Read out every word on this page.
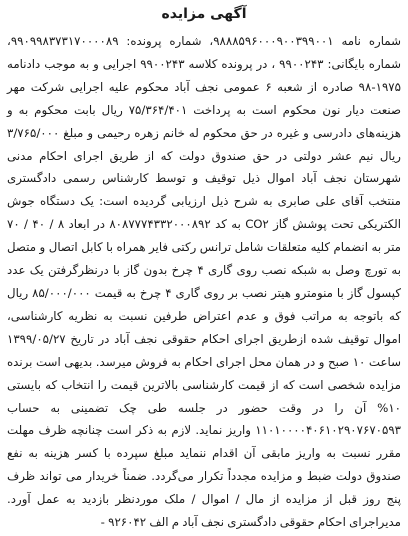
آگهی مزایده

شماره نامه ۹۸۸۸۵۹۶۰۰۰۹۰۰۳۹۹۰۰۱، شماره پرونده: ۹۹۰۹۹۸۳۷۳۱۷۰۰۰۰۸۹، شماره بایگانی: ۹۹۰۰۲۴۳ ، در پرونده کلاسه ۹۹۰۰۲۴۳ اجرایی و به موجب دادنامه ۱۹۷۵-۹۸ صادره از شعبه ۶ عمومی نجف آباد محکوم علیه اجرایی شرکت مهر صنعت دیار نون محکوم است به پرداخت ۷۵/۳۶۴/۴۰۱ ریال بابت محکوم به و هزینه‌های دادرسی و غیره در حق محکوم له خانم زهره رحیمی و مبلغ ۳/۷۶۵/۰۰۰ ریال نیم عشر دولتی در حق صندوق دولت که از طریق اجرای احکام مدنی شهرستان نجف آباد اموال ذیل توقیف و توسط کارشناس رسمی دادگستری منتخب آقای علی صابری به شرح ذیل ارزیابی گردیده است: یک دستگاه جوش الکتریکی تحت پوشش گاز CO۲ به کد ۸۰۸۷۷۷۴۳۳۲۰۰۰۸۹۲ در ابعاد ۸ / ۴۰ / ۷۰ متر به انضمام کلیه متعلقات شامل ترانس رکتی فایر همراه با کابل اتصال و متصل به تورچ وصل به شبکه نصب روی گاری ۴ چرخ بدون گاز با درنظرگرفتن یک عدد کپسول گاز با منومترو هیتر نصب بر روی گاری ۴ چرخ به قیمت ۸۵/۰۰۰/۰۰۰ ریال که باتوجه به مراتب فوق و عدم اعتراض طرفین نسبت به نظریه کارشناسی، اموال توقیف شده ازطریق اجرای احکام حقوقی نجف آباد در تاریخ ۱۳۹۹/۰۵/۲۷ ساعت ۱۰ صبح و در همان محل اجرای احکام به فروش میرسد. بدیهی است برنده مزایده شخصی است که از قیمت کارشناسی بالاترین قیمت را انتخاب که بایستی ۱۰% آن را در وقت حضور در جلسه طی چک تضمینی به حساب ۱۱۰۱۰۰۰۰۴۰۶۱۰۲۹۰۷۶۷۰۵۹۳ واریز نماید. لازم به ذکر است چنانچه ظرف مهلت مقرر نسبت به واریز مابقی آن اقدام ننماید مبلغ سپرده با کسر هزینه به نفع صندوق دولت ضبط و مزایده مجدداً تکرار می‌گردد. ضمناً خریدار می تواند ظرف پنج روز قبل از مزایده از مال / اموال / ملک موردنظر بازدید به عمل آورد. مدیراجرای احکام حقوقی دادگستری نجف آباد م الف ۹۲۶۰۴۲ -
